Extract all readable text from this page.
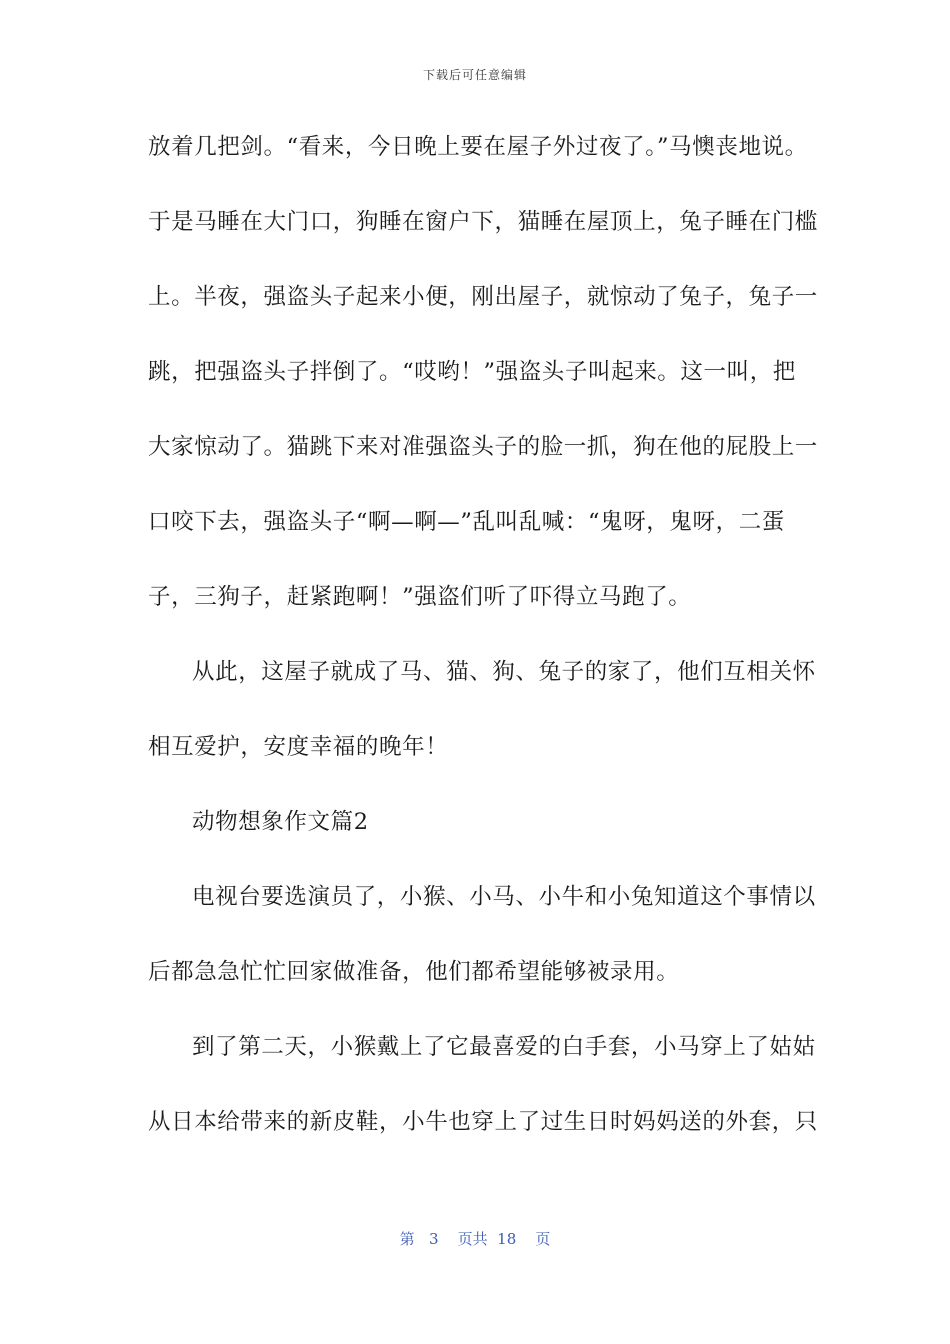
下载后可任意编辑
放着几把剑。“看来，今日晚上要在屋子外过夜了。”马懊丧地说。
于是马睡在大门口，狗睡在窗户下，猫睡在屋顶上，兔子睡在门槛
上。半夜，强盗头子起来小便，刚出屋子，就惊动了兔子，兔子一
跳，把强盗头子拌倒了。“哎哟！”强盗头子叫起来。这一叫，把
大家惊动了。猫跳下来对准强盗头子的脸一抓，狗在他的屁股上一
口咬下去，强盗头子“啊—啊—”乱叫乱喊：“鬼呀，鬼呀，二蛋
子，三狗子，赶紧跑啊！”强盗们听了吓得立马跑了。
从此，这屋子就成了马、猫、狗、兔子的家了，他们互相关怀
相互爱护，安度幸福的晚年！
动物想象作文篇2
电视台要选演员了，小猴、小马、小牛和小兔知道这个事情以
后都急急忙忙回家做准备，他们都希望能够被录用。
到了第二天，小猴戴上了它最喜爱的白手套，小马穿上了姑姑
从日本给带来的新皮鞋，小牛也穿上了过生日时妈妈送的外套，只
第 3 页共 18 页
